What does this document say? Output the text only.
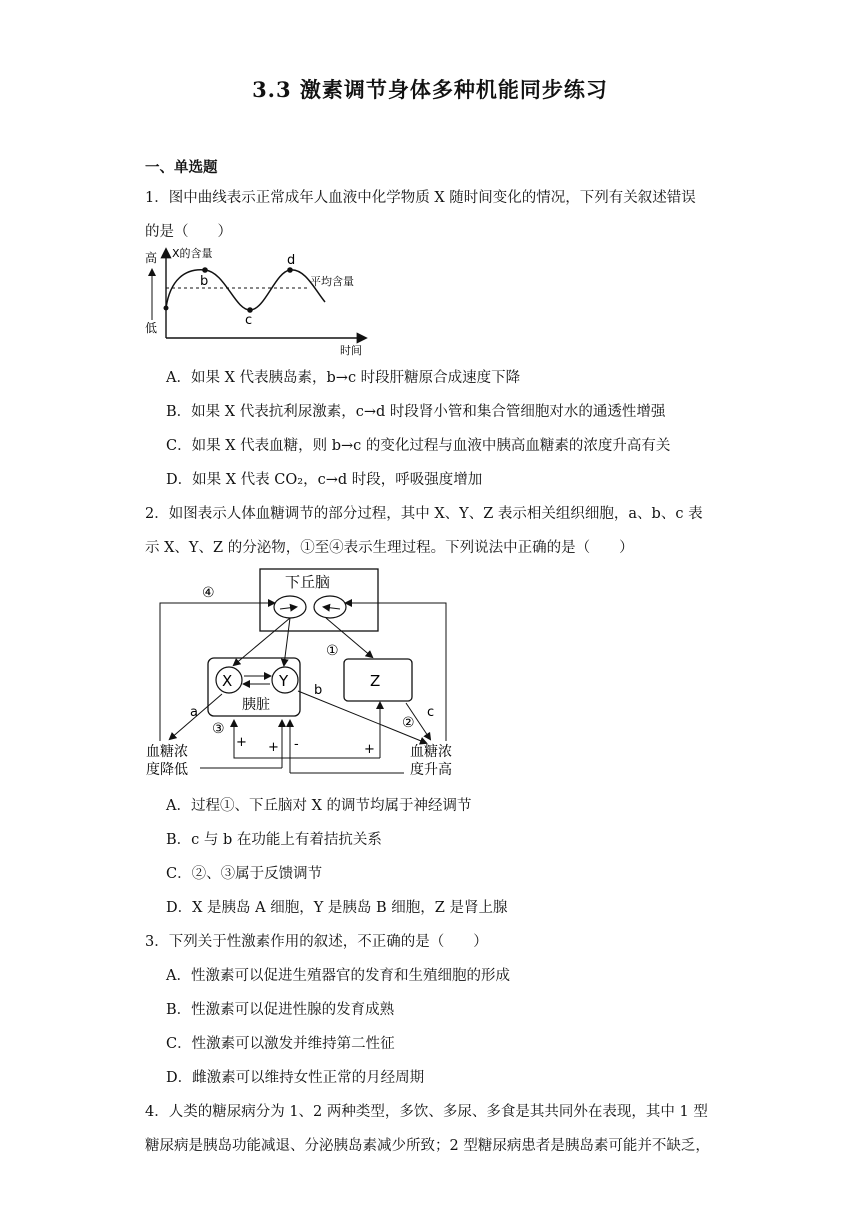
3.3 激素调节身体多种机能同步练习
一、单选题
1．图中曲线表示正常成年人血液中化学物质 X 随时间变化的情况，下列有关叙述错误
的是（　　）
高
低
X的含量
时间
平均含量
b
c
d
A．如果 X 代表胰岛素，b→c 时段肝糖原合成速度下降
B．如果 X 代表抗利尿激素，c→d 时段肾小管和集合管细胞对水的通透性增强
C．如果 X 代表血糖，则 b→c 的变化过程与血液中胰高血糖素的浓度升高有关
D．如果 X 代表 CO₂，c→d 时段，呼吸强度增加
2．如图表示人体血糖调节的部分过程，其中 X、Y、Z 表示相关组织细胞，a、b、c 表
示 X、Y、Z 的分泌物，①至④表示生理过程。下列说法中正确的是（　　）
下丘脑
X	Y
胰脏
Z
①
④
a
b
c
②
③
+ + -	+
血糖浓
度降低
血糖浓
度升高
A．过程①、下丘脑对 X 的调节均属于神经调节
B．c 与 b 在功能上有着拮抗关系
C．②、③属于反馈调节
D．X 是胰岛 A 细胞，Y 是胰岛 B 细胞，Z 是肾上腺
3．下列关于性激素作用的叙述，不正确的是（　　）
A．性激素可以促进生殖器官的发育和生殖细胞的形成
B．性激素可以促进性腺的发育成熟
C．性激素可以激发并维持第二性征
D．雌激素可以维持女性正常的月经周期
4．人类的糖尿病分为 1、2 两种类型，多饮、多尿、多食是其共同外在表现，其中 1 型
糖尿病是胰岛功能减退、分泌胰岛素减少所致；2 型糖尿病患者是胰岛素可能并不缺乏，
